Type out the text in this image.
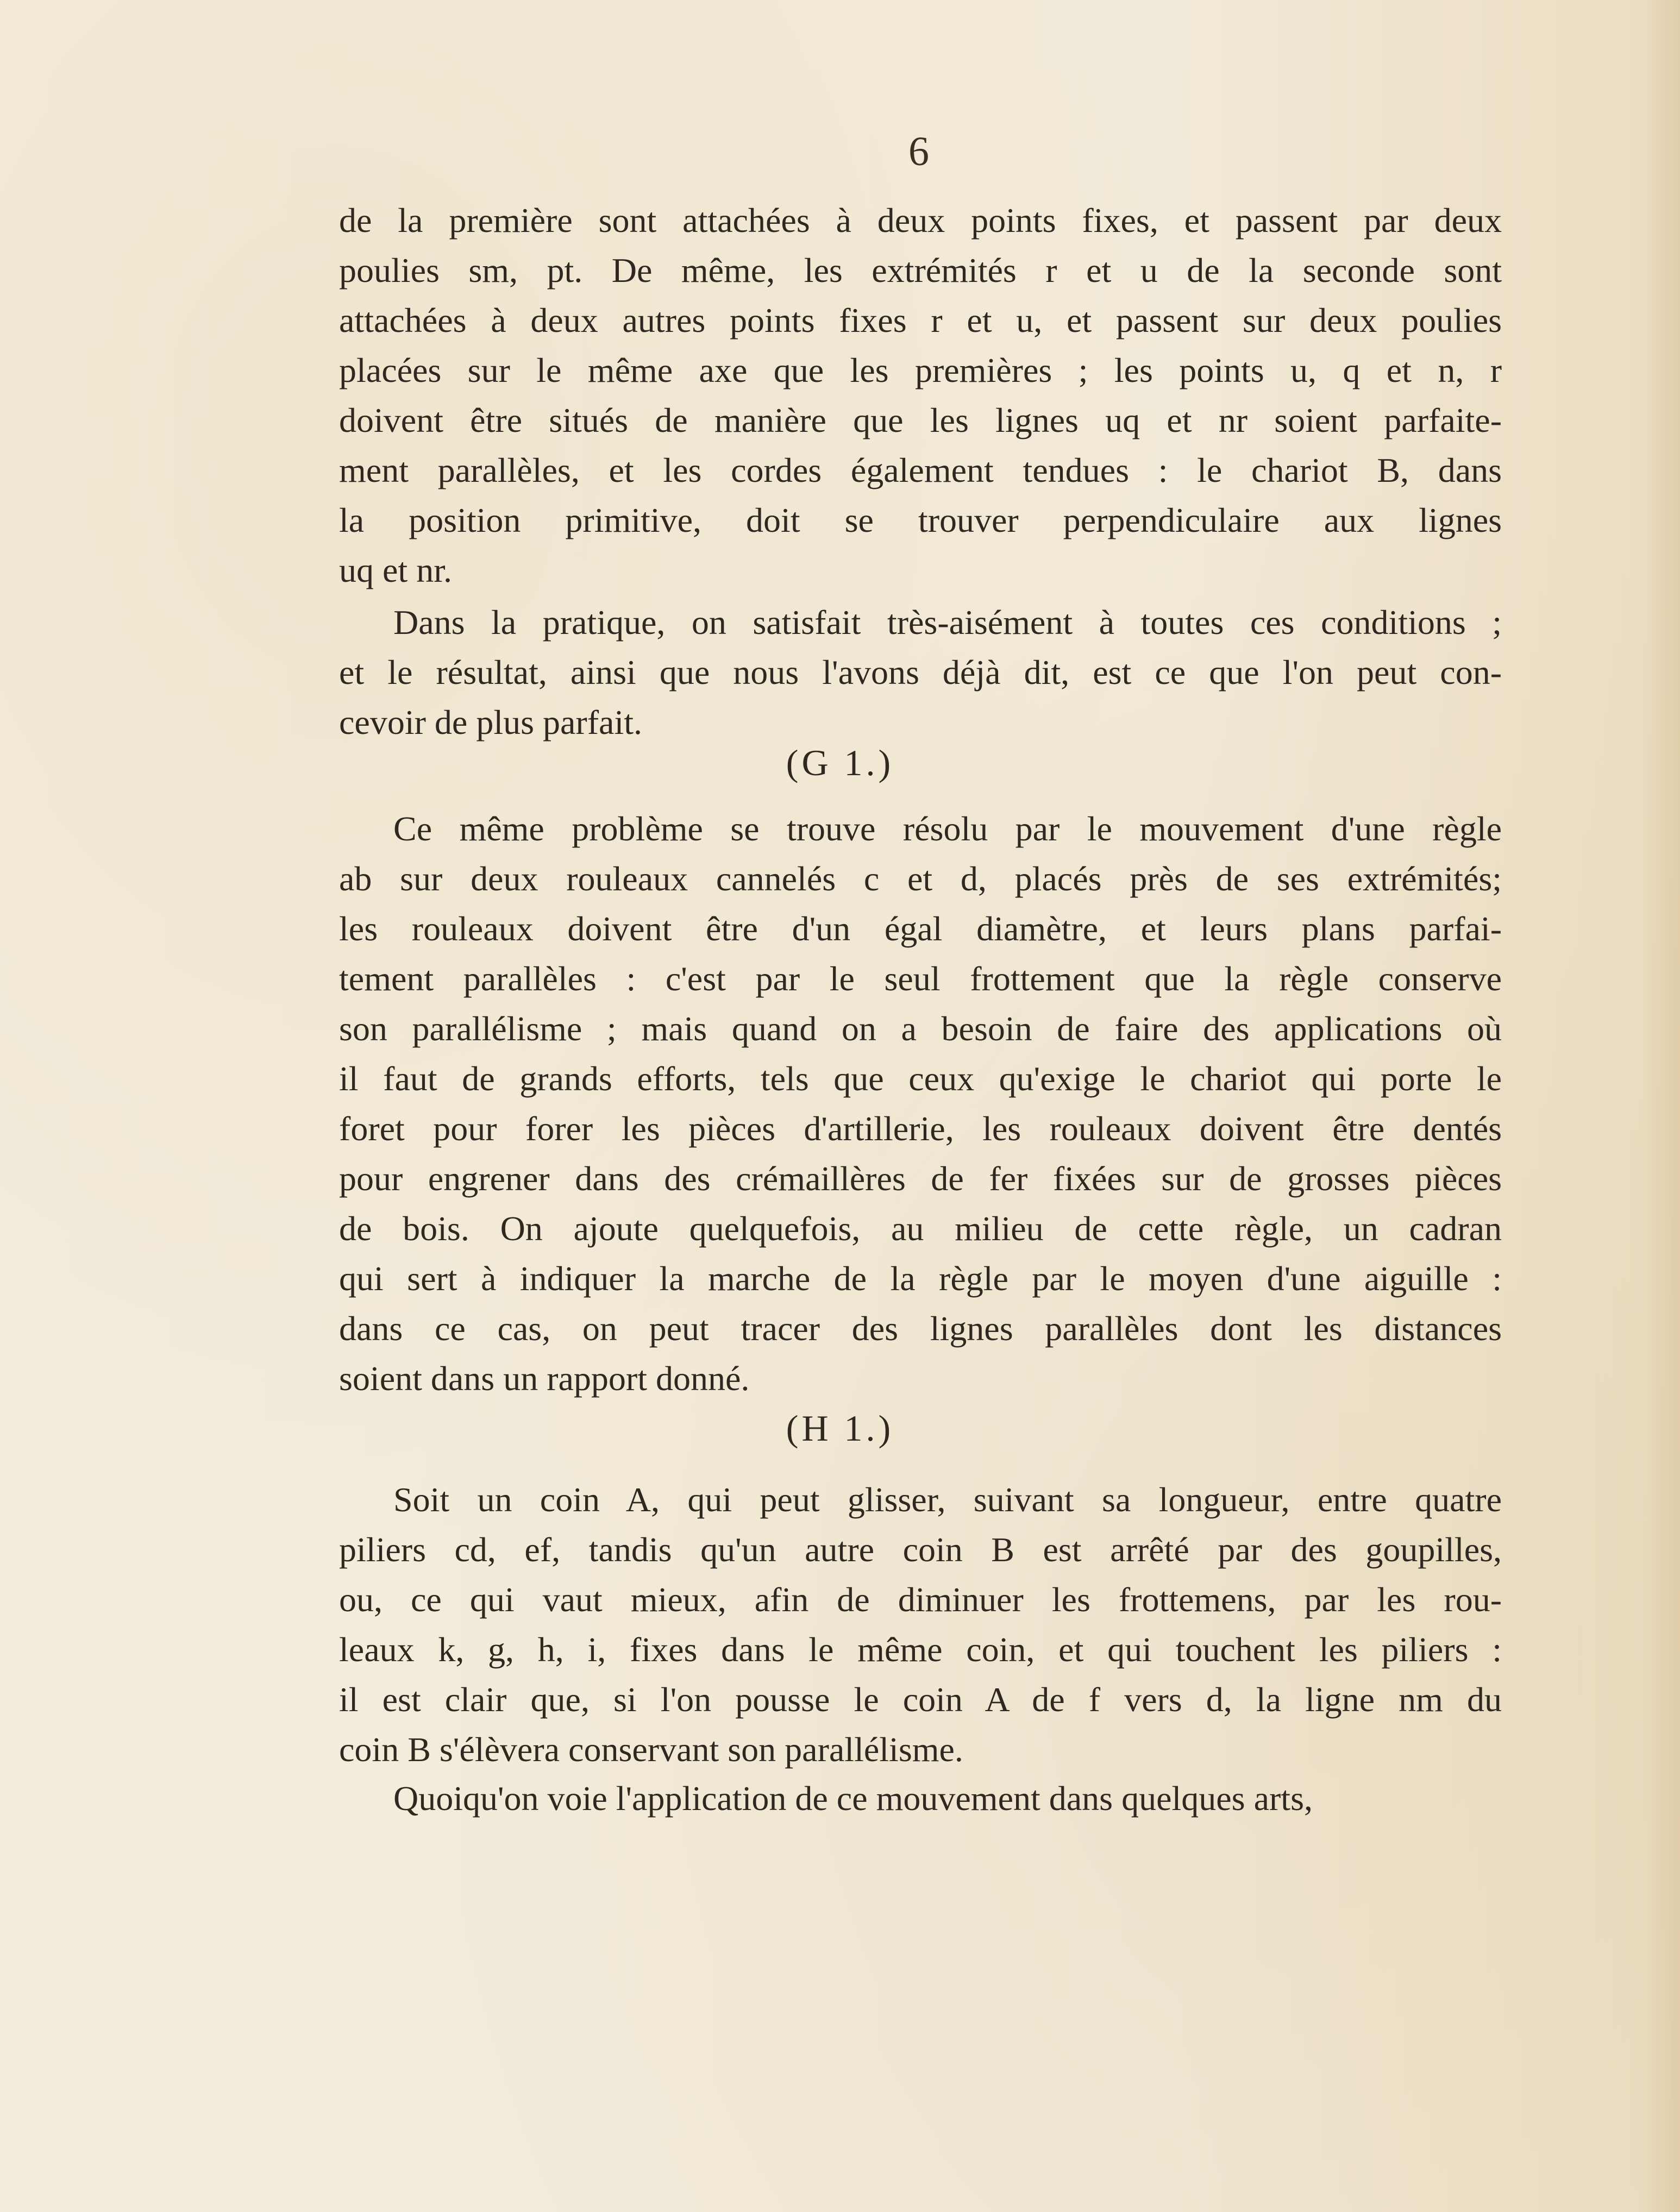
6
de la première sont attachées à deux points fixes, et passent par deux
poulies sm, pt. De même, les extrémités r et u de la seconde sont
attachées à deux autres points fixes r et u, et passent sur deux poulies
placées sur le même axe que les premières ; les points u, q et n, r
doivent être situés de manière que les lignes uq et nr soient parfaite-
ment parallèles, et les cordes également tendues : le chariot B, dans
la position primitive, doit se trouver perpendiculaire aux lignes
uq et nr.
Dans la pratique, on satisfait très-aisément à toutes ces conditions ;
et le résultat, ainsi que nous l'avons déjà dit, est ce que l'on peut con-
cevoir de plus parfait.
(G 1.)
Ce même problème se trouve résolu par le mouvement d'une règle
ab sur deux rouleaux cannelés c et d, placés près de ses extrémités;
les rouleaux doivent être d'un égal diamètre, et leurs plans parfai-
tement parallèles : c'est par le seul frottement que la règle conserve
son parallélisme ; mais quand on a besoin de faire des applications où
il faut de grands efforts, tels que ceux qu'exige le chariot qui porte le
foret pour forer les pièces d'artillerie, les rouleaux doivent être dentés
pour engrener dans des crémaillères de fer fixées sur de grosses pièces
de bois. On ajoute quelquefois, au milieu de cette règle, un cadran
qui sert à indiquer la marche de la règle par le moyen d'une aiguille :
dans ce cas, on peut tracer des lignes parallèles dont les distances
soient dans un rapport donné.
(H 1.)
Soit un coin A, qui peut glisser, suivant sa longueur, entre quatre
piliers cd, ef, tandis qu'un autre coin B est arrêté par des goupilles,
ou, ce qui vaut mieux, afin de diminuer les frottemens, par les rou-
leaux k, g, h, i, fixes dans le même coin, et qui touchent les piliers :
il est clair que, si l'on pousse le coin A de f vers d, la ligne nm du
coin B s'élèvera conservant son parallélisme.
Quoiqu'on voie l'application de ce mouvement dans quelques arts,
